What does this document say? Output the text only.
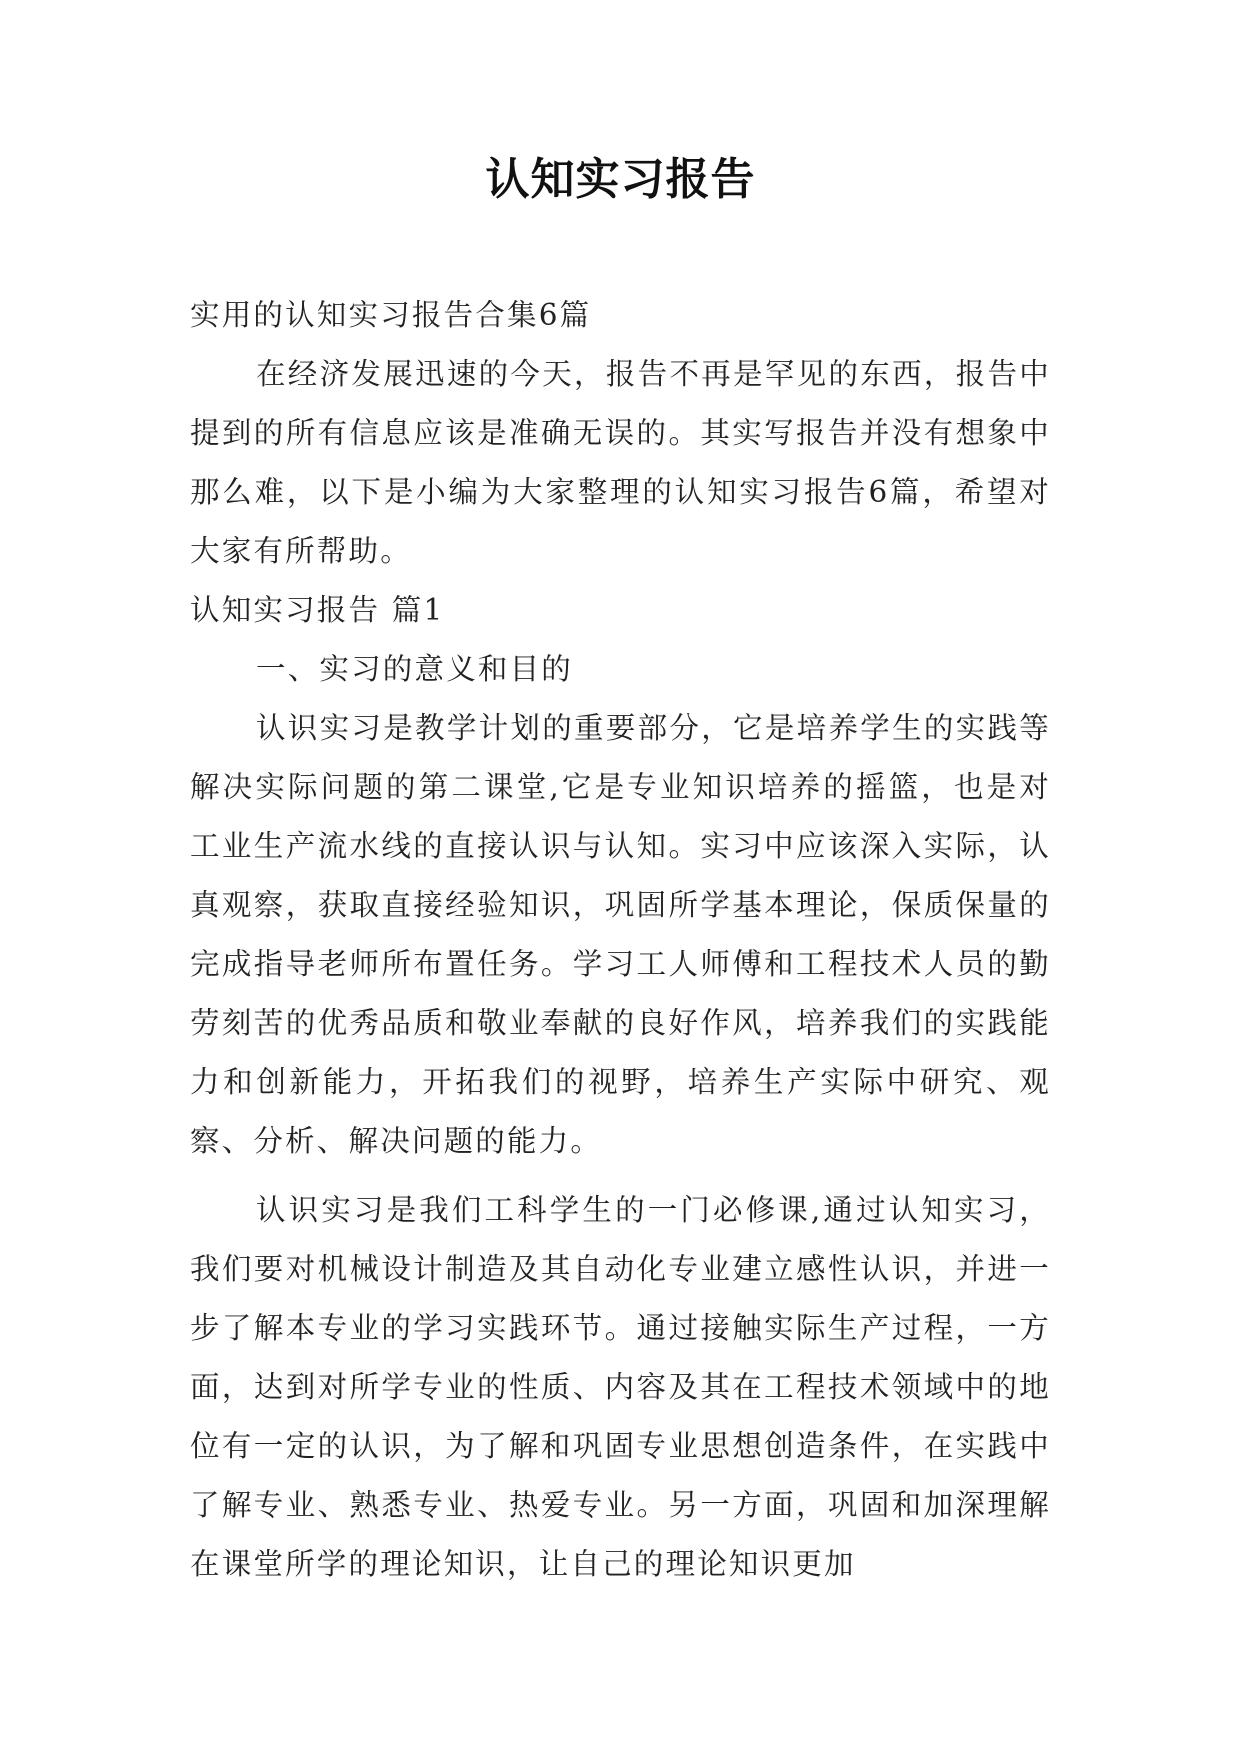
认知实习报告

实用的认知实习报告合集6篇

在经济发展迅速的今天，报告不再是罕见的东西，报告中提到的所有信息应该是准确无误的。其实写报告并没有想象中那么难，以下是小编为大家整理的认知实习报告6篇，希望对大家有所帮助。

认知实习报告 篇1

一、实习的意义和目的

认识实习是教学计划的重要部分，它是培养学生的实践等解决实际问题的第二课堂,它是专业知识培养的摇篮，也是对工业生产流水线的直接认识与认知。实习中应该深入实际，认真观察，获取直接经验知识，巩固所学基本理论，保质保量的完成指导老师所布置任务。学习工人师傅和工程技术人员的勤劳刻苦的优秀品质和敬业奉献的良好作风，培养我们的实践能力和创新能力，开拓我们的视野，培养生产实际中研究、观察、分析、解决问题的能力。

认识实习是我们工科学生的一门必修课,通过认知实习，我们要对机械设计制造及其自动化专业建立感性认识，并进一步了解本专业的学习实践环节。通过接触实际生产过程，一方面，达到对所学专业的性质、内容及其在工程技术领域中的地位有一定的认识，为了解和巩固专业思想创造条件，在实践中了解专业、熟悉专业、热爱专业。另一方面，巩固和加深理解在课堂所学的理论知识，让自己的理论知识更加
